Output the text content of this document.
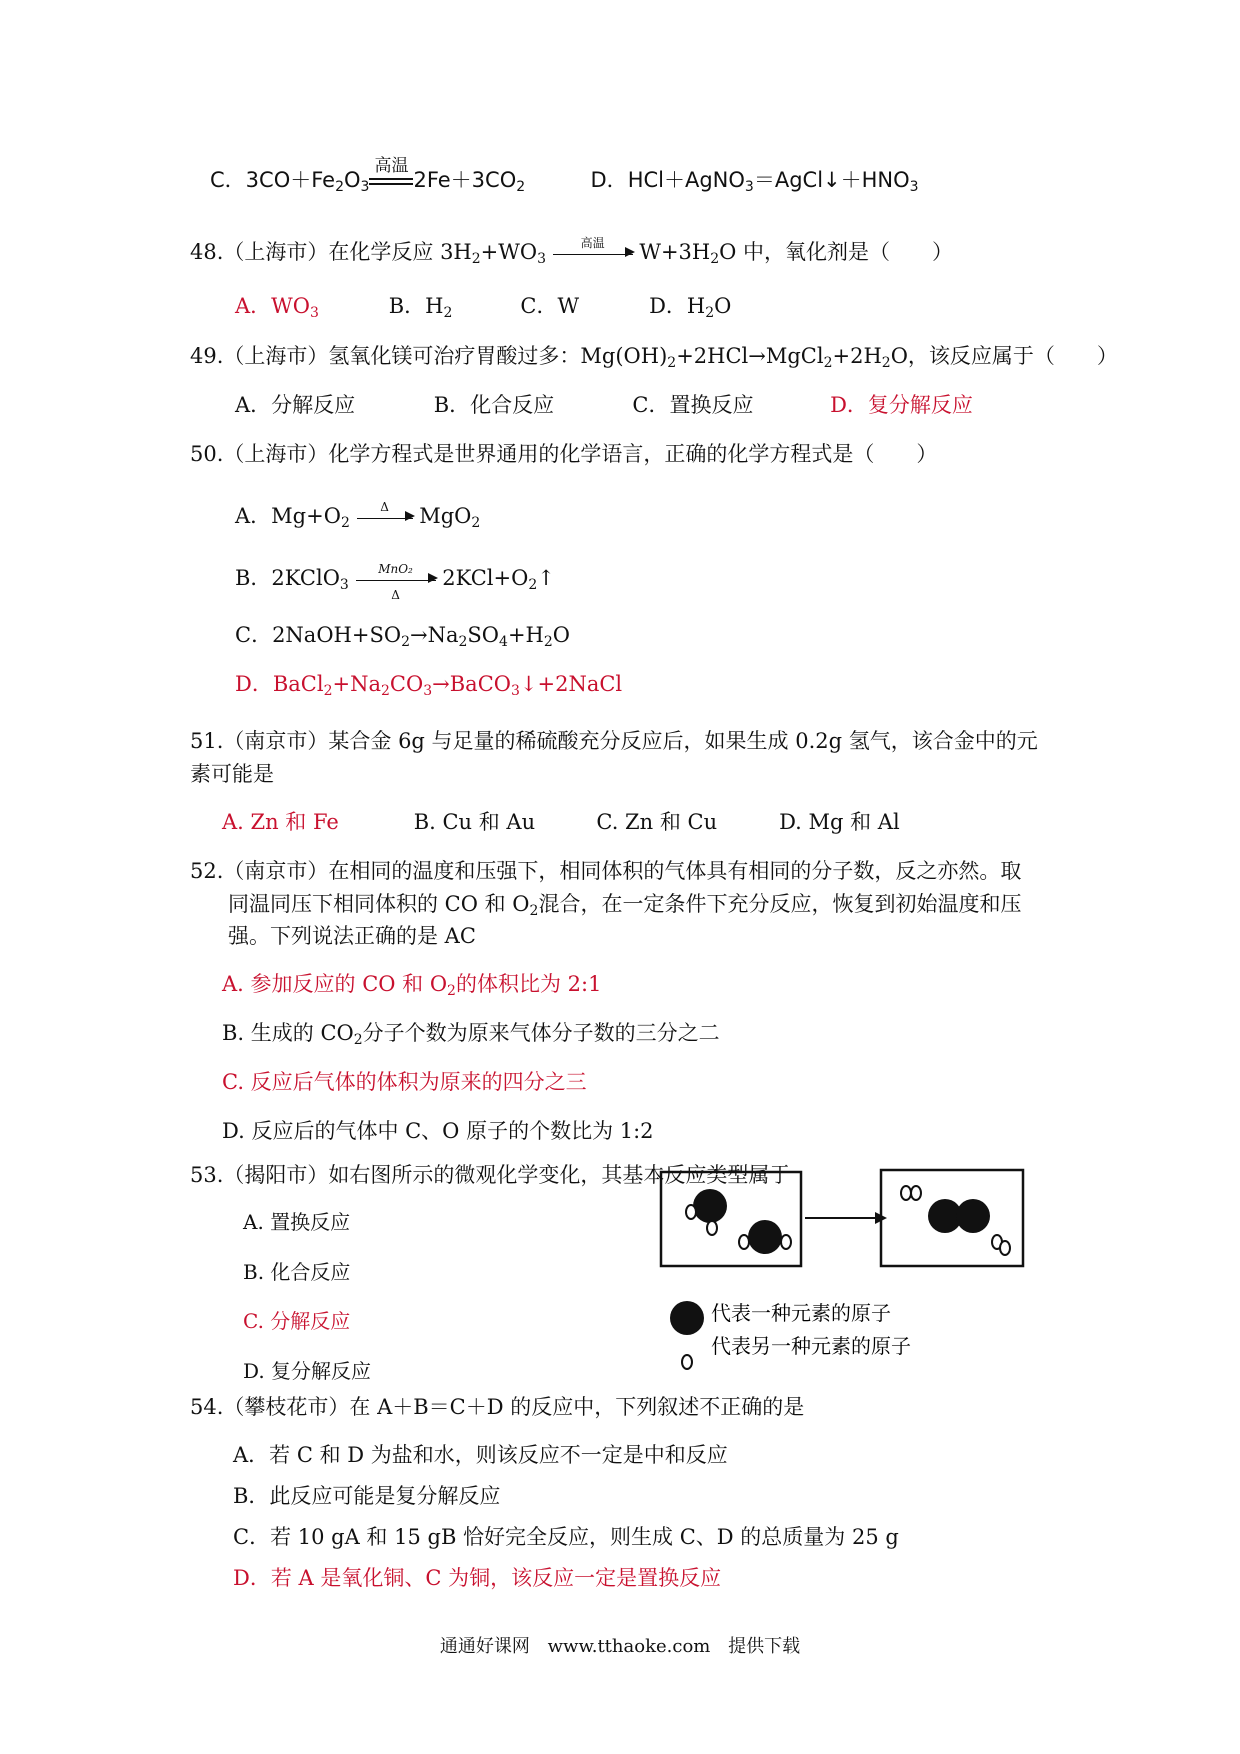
C．$3CO+Fe_2O_3$
高温
$2Fe+3CO_2$	D．$HCl+AgNO_3=AgCl↓+HNO_3$
48.（上海市）在化学反应 $3H_2+WO_3$
高温	$W+3H_2O$ 中，氧化剂是（　　）
A．$WO_3$	B．$H_2$	C．W	D．$H_2O$
49.（上海市）氢氧化镁可治疗胃酸过多：$Mg(OH)_2+2HCl\to MgCl_2+2H_2O$，该反应属于（　　）
A．分解反应	B．化合反应	C．置换反应	D．复分解反应
50.（上海市）化学方程式是世界通用的化学语言，正确的化学方程式是（　　）
A．$Mg+O_2$
Δ	MgO$_2$
B．2KClO$_3$
MnO₂
Δ
$2KCl+O_2↑$
C．$2NaOH+SO_2\to Na_2SO_4+H_2O$
D．$BaCl_2+Na_2CO_3\to BaCO_3↓+2NaCl$
51.（南京市）某合金 6g 与足量的稀硫酸充分反应后，如果生成 0.2g 氢气，该合金中的元
素可能是
A. Zn 和 Fe	B. Cu 和 Au	C. Zn 和 Cu	D. Mg 和 Al
52.（南京市）在相同的温度和压强下，相同体积的气体具有相同的分子数，反之亦然。取
同温同压下相同体积的 CO 和 $O_2$混合，在一定条件下充分反应，恢复到初始温度和压
强。下列说法正确的是 AC
A. 参加反应的 CO 和 $O_2$的体积比为 2:1
B. 生成的 $CO_2$分子个数为原来气体分子数的三分之二
C. 反应后气体的体积为原来的四分之三
D. 反应后的气体中 C、O 原子的个数比为 1:2
53.（揭阳市）如右图所示的微观化学变化，其基本反应类型属于
A. 置换反应
B. 化合反应
C. 分解反应
D. 复分解反应
代表一种元素的原子
代表另一种元素的原子
54.（攀枝花市）在 A＋B＝C＋D 的反应中，下列叙述不正确的是
A．若 C 和 D 为盐和水，则该反应不一定是中和反应
B．此反应可能是复分解反应
C．若 10 gA 和 15 gB 恰好完全反应，则生成 C、D 的总质量为 25 g
D．若 A 是氧化铜、C 为铜，该反应一定是置换反应
通通好课网 www.tthaoke.com 提供下载
